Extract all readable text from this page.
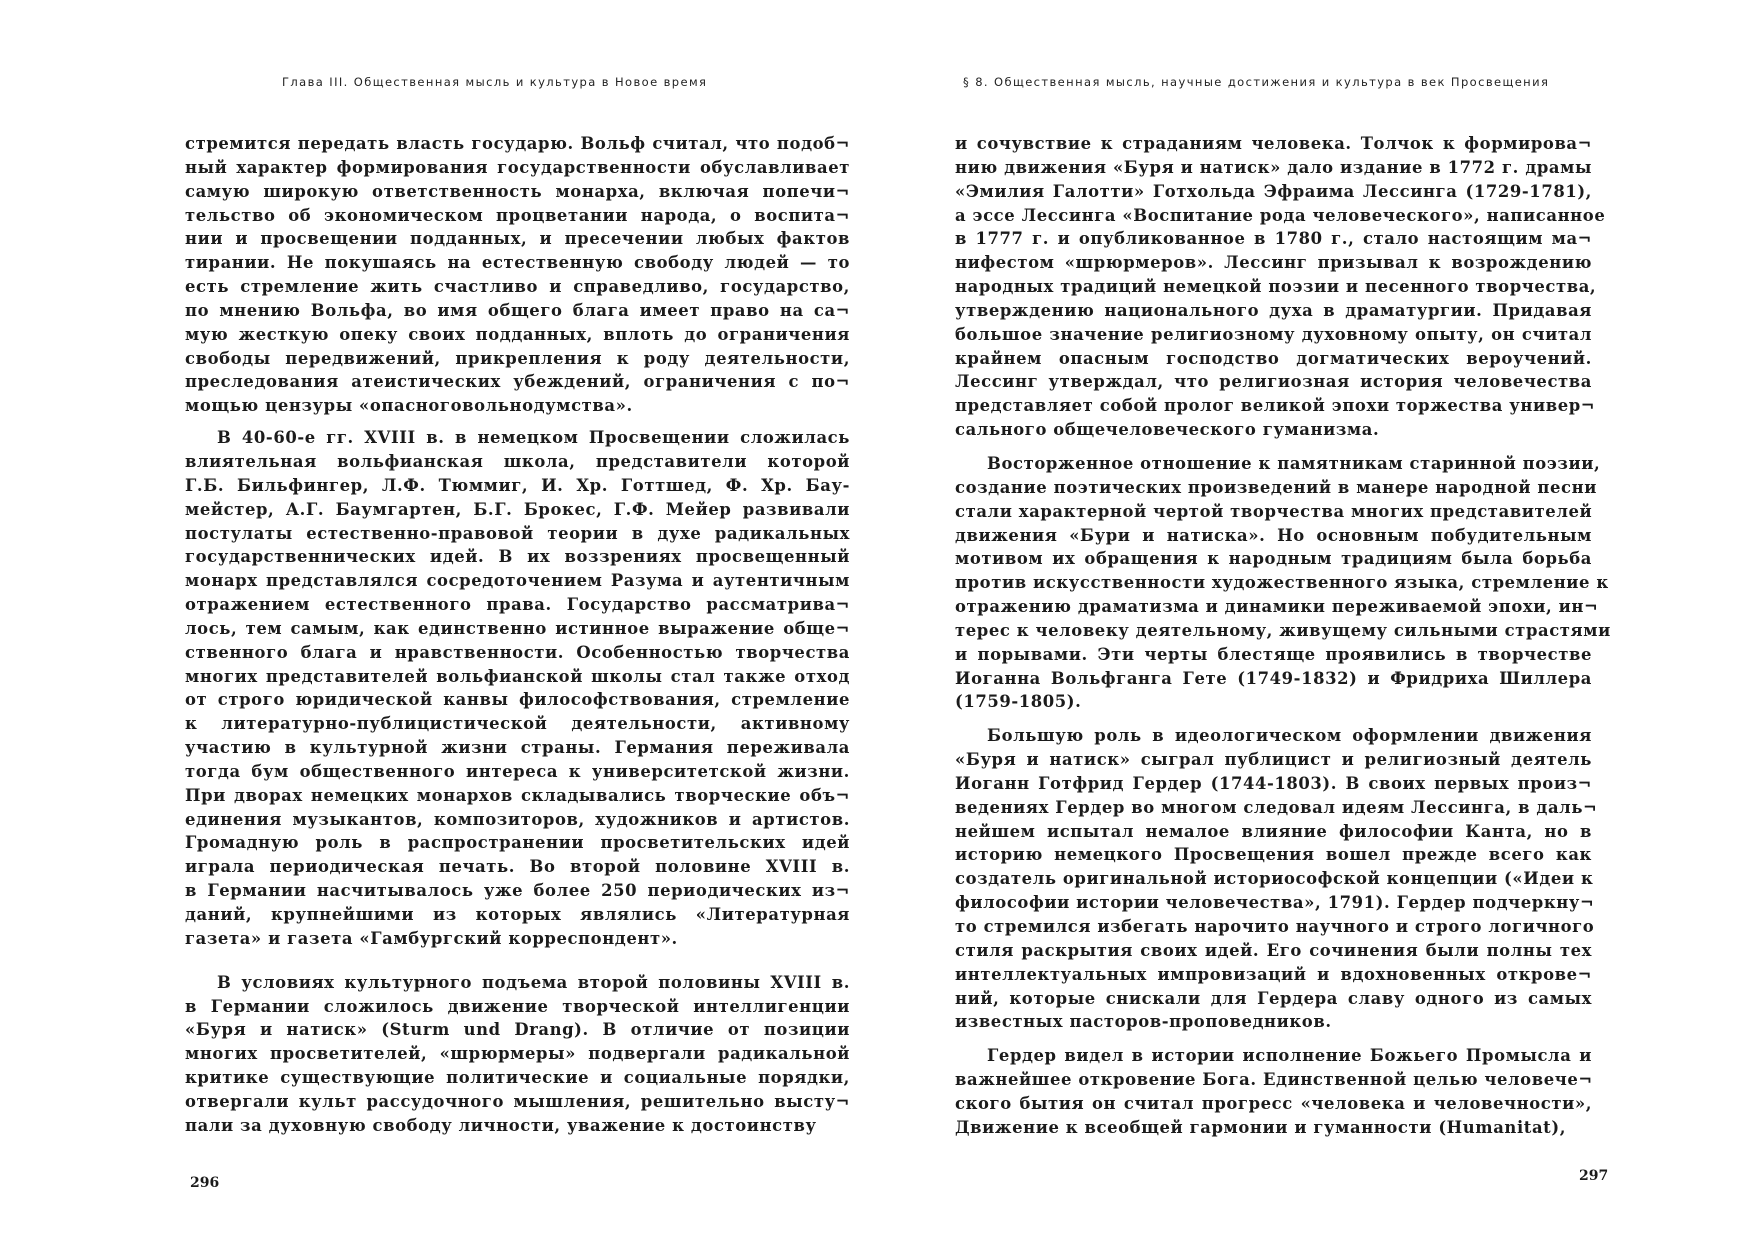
Глава III. Общественная мысль и культура в Новое время
стремится передать власть государю. Вольф считал, что подоб¬
ный характер формирования государственности обуславливает
самую широкую ответственность монарха, включая попечи¬
тельство об экономическом процветании народа, о воспита¬
нии и просвещении подданных, и пресечении любых фактов
тирании. Не покушаясь на естественную свободу людей — то
есть стремление жить счастливо и справедливо, государство,
по мнению Вольфа, во имя общего блага имеет право на са¬
мую жесткую опеку своих подданных, вплоть до ограничения
свободы передвижений, прикрепления к роду деятельности,
преследования атеистических убеждений, ограничения с по¬
мощью цензуры «опасноговольнодумства».
В 40-60-е гг. XVIII в. в немецком Просвещении сложилась
влиятельная вольфианская школа, представители которой
Г.Б. Бильфингер, Л.Ф. Тюммиг, И. Хр. Готтшед, Ф. Хр. Бау-
мейстер, А.Г. Баумгартен, Б.Г. Брокес, Г.Ф. Мейер развивали
постулаты естественно-правовой теории в духе радикальных
государственнических идей. В их воззрениях просвещенный
монарх представлялся сосредоточением Разума и аутентичным
отражением естественного права. Государство рассматрива¬
лось, тем самым, как единственно истинное выражение обще¬
ственного блага и нравственности. Особенностью творчества
многих представителей вольфианской школы стал также отход
от строго юридической канвы философствования, стремление
к литературно-публицистической деятельности, активному
участию в культурной жизни страны. Германия переживала
тогда бум общественного интереса к университетской жизни.
При дворах немецких монархов складывались творческие объ¬
единения музыкантов, композиторов, художников и артистов.
Громадную роль в распространении просветительских идей
играла периодическая печать. Во второй половине XVIII в.
в Германии насчитывалось уже более 250 периодических из¬
даний, крупнейшими из которых являлись «Литературная
газета» и газета «Гамбургский корреспондент».
В условиях культурного подъема второй половины XVIII в.
в Германии сложилось движение творческой интеллигенции
«Буря и натиск» (Sturm und Drang). В отличие от позиции
многих просветителей, «шрюрмеры» подвергали радикальной
критике существующие политические и социальные порядки,
отвергали культ рассудочного мышления, решительно высту¬
пали за духовную свободу личности, уважение к достоинству
296
§ 8. Общественная мысль, научные достижения и культура в век Просвещения
и сочувствие к страданиям человека. Толчок к формирова¬
нию движения «Буря и натиск» дало издание в 1772 г. драмы
«Эмилия Галотти» Готхольда Эфраима Лессинга (1729-1781),
а эссе Лессинга «Воспитание рода человеческого», написанное
в 1777 г. и опубликованное в 1780 г., стало настоящим ма¬
нифестом «шрюрмеров». Лессинг призывал к возрождению
народных традиций немецкой поэзии и песенного творчества,
утверждению национального духа в драматургии. Придавая
большое значение религиозному духовному опыту, он считал
крайнем опасным господство догматических вероучений.
Лессинг утверждал, что религиозная история человечества
представляет собой пролог великой эпохи торжества универ¬
сального общечеловеческого гуманизма.
Восторженное отношение к памятникам старинной поэзии,
создание поэтических произведений в манере народной песни
стали характерной чертой творчества многих представителей
движения «Бури и натиска». Но основным побудительным
мотивом их обращения к народным традициям была борьба
против искусственности художественного языка, стремление к
отражению драматизма и динамики переживаемой эпохи, ин¬
терес к человеку деятельному, живущему сильными страстями
и порывами. Эти черты блестяще проявились в творчестве
Иоганна Вольфганга Гете (1749-1832) и Фридриха Шиллера
(1759-1805).
Большую роль в идеологическом оформлении движения
«Буря и натиск» сыграл публицист и религиозный деятель
Иоганн Готфрид Гердер (1744-1803). В своих первых произ¬
ведениях Гердер во многом следовал идеям Лессинга, в даль¬
нейшем испытал немалое влияние философии Канта, но в
историю немецкого Просвещения вошел прежде всего как
создатель оригинальной историософской концепции («Идеи к
философии истории человечества», 1791). Гердер подчеркну¬
то стремился избегать нарочито научного и строго логичного
стиля раскрытия своих идей. Его сочинения были полны тех
интеллектуальных импровизаций и вдохновенных открове¬
ний, которые снискали для Гердера славу одного из самых
известных пасторов-проповедников.
Гердер видел в истории исполнение Божьего Промысла и
важнейшее откровение Бога. Единственной целью человече¬
ского бытия он считал прогресс «человека и человечности»,
Движение к всеобщей гармонии и гуманности (Humanitat),
297
